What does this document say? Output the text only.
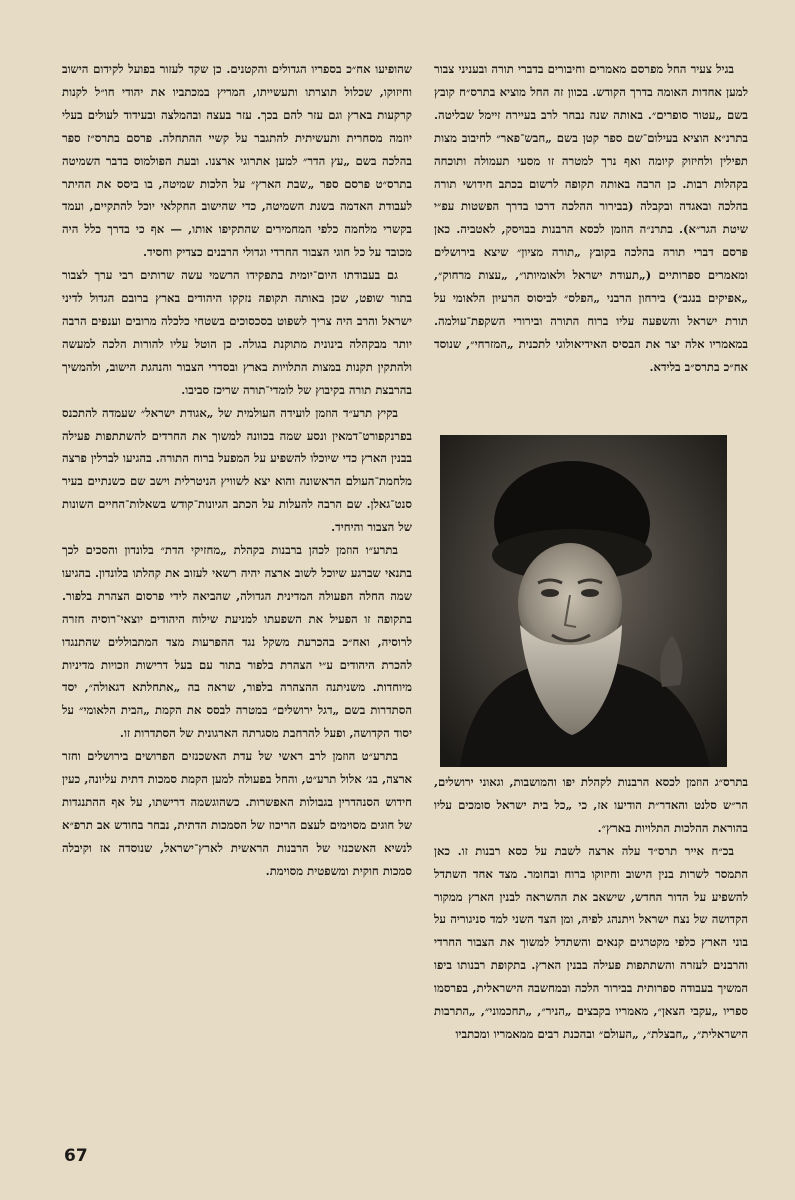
בגיל צעיר החל מפרסם מאמרים וחיבורים בדברי תורה ובעניני צבור למען אחדות האומה בדרך הקודש. בכוון זה החל מוציא בתרס״ח קובץ בשם „עטור סופרים״. באותה שנה נבחר לרב בעיירה זיימל שבליטה. בתרנ״א הוציא בעילום־שם ספר קטן בשם „חבש־פאר״ לחיבוב מצות תפילין ולחיזוק קיומה ואף נרך למטרה זו מסעי תעמולה ותוכחה בקהלות רבות. כן הרבה באותה תקופה לרשום בכתב חידושי תורה בהלכה ובאגדה ובקבלה (בבירור ההלכה דרכו בדרך הפשטות עפ״י שיטת הגר״א). בתרנ״ה הוזמן לכסא הרבנות בבויסק, לאטביה. כאן פרסם דברי תורה בהלכה בקובץ „תורה מציון״ שיצא בירושלים ומאמרים ספרותיים („תעודת ישראל ולאומיותו״, „עצות מרחוק״, „אפיקים בנגב״) בירחון הרבני „הפלס״ לביסוס הרעיון הלאומי על תורת ישראל והשפעה עליו ברוח התורה ובירורי השקפת־עולמה. במאמריו אלה יצר את הבסיס האידיאולוגי לתכנית „המזרחי״, שנוסד אח״כ בתרס״ב בלידא.

בתרס״ג הוזמן לכסא הרבנות לקהלת יפו והמושבות, וגאוני ירושלים, הר״ש סלנט והאדר״ת הודיעו אז, כי „כל בית ישראל סומכים עליו בהוראת ההלכות התלויות בארץ״.

בכ״ח אייר תרס״ד עלה ארצה לשבת על כסא רבנות זו. כאן התמסר לשרות בנין הישוב וחיזוקו ברוח ובחומר. מצד אחד השתדל להשפיע על הדור החדש, שישאב את ההשראה לבנין הארץ ממקור הקדושה של נצח ישראל ויתנהג לפיה, ומן הצד השני למד סניגוריה על בוני הארץ כלפי מקטרגים קנאים והשתדל למשוך את הצבור החרדי והרבנים לעזרה והשתתפות פעילה בבנין הארץ. בתקופת רבנותו ביפו המשיך בעבודה ספרותית בבירור הלכה ובמחשבה הישראלית, בפרסמו ספריו „עקבי הצאן״, מאמריו בקבצים „הניר״, „תחכמוני״, „התרבות הישראלית״, „חבצלת״, „העולם״ ובהכנת רבים ממאמריו ומכתביו

שהופיעו אח״כ בספריו הגדולים והקטנים. כן שקד לעזור בפועל לקידום הישוב וחיזוקו, שכלול תוצרתו ותעשייתו, המריץ במכתביו את יהודי חו״ל לקנות קרקעות בארץ וגם עזר להם בכך. עזר בעצה ובהמלצה ובעידוד לעולים בעלי יוזמה מסחרית ותעשיתית להתגבר על קשיי ההתחלה. פרסם בתרס״ז ספר בהלכה בשם „עץ הדר״ למען אתרוגי ארצנו. ובעת הפולמוס בדבר השמיטה בתרס״ט פרסם ספר „שבת הארץ״ על הלכות שמיטה, בו ביסס את ההיתר לעבודת האדמה בשנת השמיטה, כדי שהישוב החקלאי יוכל להתקיים, ועמד בקשרי מלחמה כלפי המחמירים שהתקיפו אותו, — אף כי בדרך כלל היה מכובד על כל חוגי הצבור החרדי וגדולי הרבנים כצדיק וחסיד.

גם בעבודתו היום־יומית בתפקידו הרשמי עשה שרותים רבי ערך לצבור בתור שופט, שכן באותה תקופה נזקקו היהודים בארץ ברובם הגדול לדיני ישראל והרב היה צריך לשפוט בסכסוכים בשטחי כלכלה מרובים וענפים הרבה יותר מבקהלה בינונית מתוקנת בגולה. כן הוטל עליו להורות הלכה למעשה ולהתקין תקנות במצות התלויות בארץ ובסדרי הצבור והנהגת הישוב, ולהמשיך בהרבצת תורה בקיבוץ של לומדי־תורה שריכז סביבו.

בקיץ תרע״ד הוזמן לועידה העולמית של „אגודת ישראל״ שעמדה להתכנס בפרנקפורט־דמאין ונסע שמה בכוונה למשוך את החרדים להשתתפות פעילה בבנין הארץ כדי שיוכלו להשפיע על המפעל ברוח התורה. בהגיעו לברלין פרצה מלחמת־העולם הראשונה והוא יצא לשוויץ הניטרלית וישב שם כשנתיים בעיר סנט־גאלן. שם הרבה להעלות על הכתב הגיונות־קודש בשאלות־החיים השונות של הצבור והיחיד.

בתרע״ו הוזמן לכהן ברבנות בקהלת „מחזיקי הדת״ בלונדון והסכים לכך בתנאי שברגע שיוכל לשוב ארצה יהיה רשאי לעזוב את קהלתו בלונדון. בהגיעו שמה החלה הפעולה המדינית הגדולה, שהביאה לידי פרסום הצהרת בלפור. בתקופה זו הפעיל את השפעתו למניעת שילוח היהודים יוצאי־רוסיה חזרה לרוסיה, ואח״כ בהכרעת משקל נגד ההפרעות מצד המתבוללים שהתנגדו להכרת היהודים ע״י הצהרת בלפור בתור עם בעל דרישות וזכויות מדיניות מיוחדות. משניתנה ההצהרה בלפור, שראה בה „אתחלתא דגאולה״, יסד הסתדרות בשם „דגל ירושלים״ במטרה לבסס את הקמת „הבית הלאומי״ על יסוד הקדושה, ופעל להרחבת מסגרתה הארגונית של הסתדרות זו.

בתרע״ט הוזמן לרב ראשי של עדת האשכנזים הפרושים בירושלים וחזר ארצה, בג׳ אלול תרע״ט, והחל בפעולה למען הקמת סמכות דתית עליונה, כעין חידוש הסנהדרין בגבולות האפשרות. כשהוגשמה דרישתו, על אף ההתנגדות של חוגים מסוימים לעצם הריכוז של הסמכות הדתית, נבחר בחודש אב תרפ״א לנשיא האשכנזי של הרבנות הראשית לארץ־ישראל, שנוסדה אז וקיבלה סמכות חוקית ומשפטית מסוימת.

67
